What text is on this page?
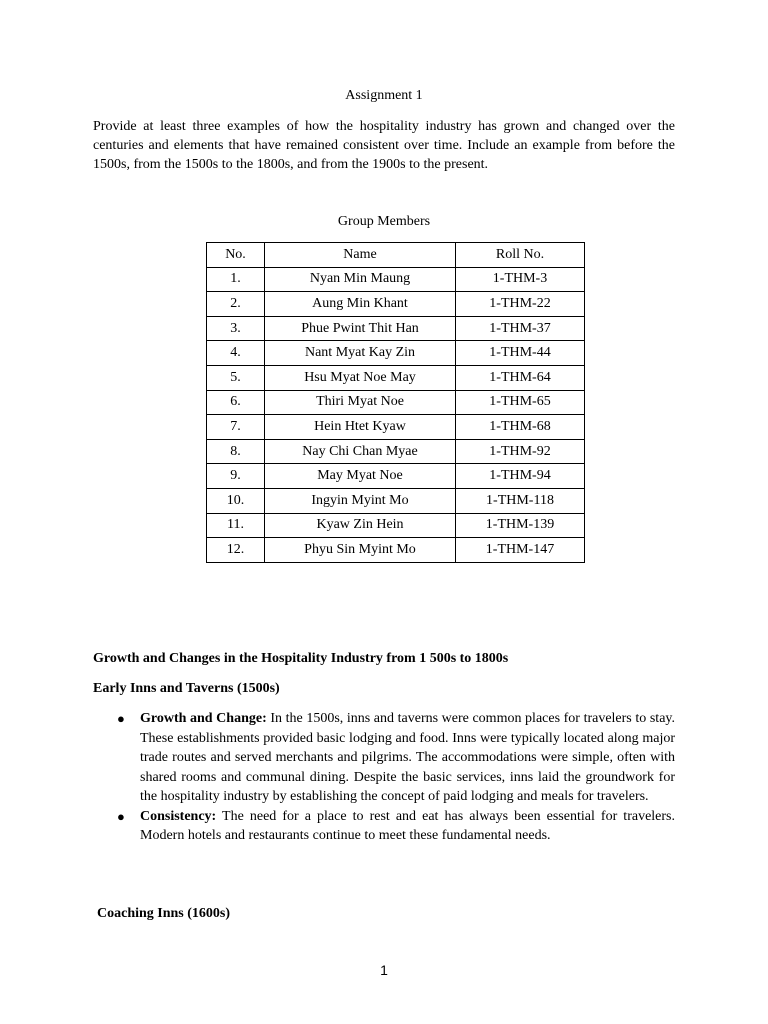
Assignment 1

Provide at least three examples of how the hospitality industry has grown and changed over the centuries and elements that have remained consistent over time. Include an example from before the 1500s, from the 1500s to the 1800s, and from the 1900s to the present.

Group Members
No.	Name	Roll No.
1.	Nyan Min Maung	1-THM-3
2.	Aung Min Khant	1-THM-22
3.	Phue Pwint Thit Han	1-THM-37
4.	Nant Myat Kay Zin	1-THM-44
5.	Hsu Myat Noe May	1-THM-64
6.	Thiri Myat Noe	1-THM-65
7.	Hein Htet Kyaw	1-THM-68
8.	Nay Chi Chan Myae	1-THM-92
9.	May Myat Noe	1-THM-94
10.	Ingyin Myint Mo	1-THM-118
11.	Kyaw Zin Hein	1-THM-139
12.	Phyu Sin Myint Mo	1-THM-147
Growth and Changes in the Hospitality Industry from 1 500s to 1800s
Early Inns and Taverns (1500s)
● Growth and Change: In the 1500s, inns and taverns were common places for travelers to stay. These establishments provided basic lodging and food. Inns were typically located along major trade routes and served merchants and pilgrims. The accommodations were simple, often with shared rooms and communal dining. Despite the basic services, inns laid the groundwork for the hospitality industry by establishing the concept of paid lodging and meals for travelers.
● Consistency: The need for a place to rest and eat has always been essential for travelers. Modern hotels and restaurants continue to meet these fundamental needs.
Coaching Inns (1600s)
1
